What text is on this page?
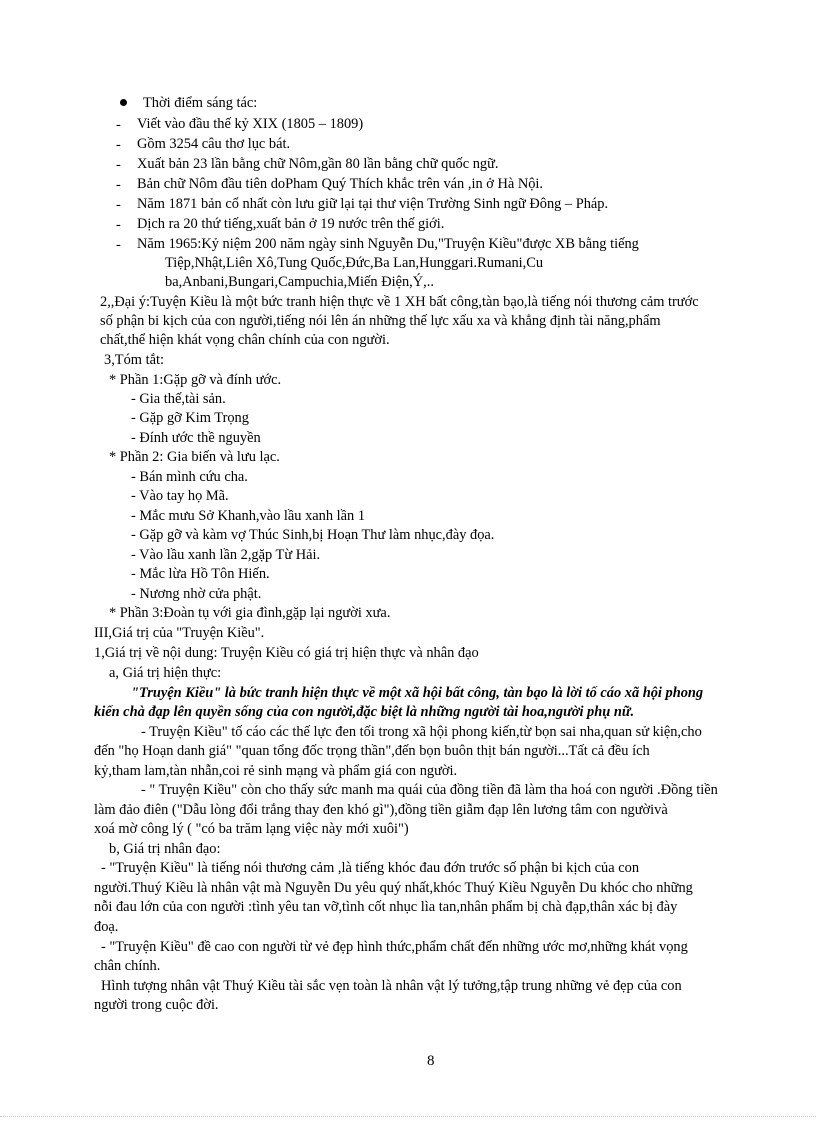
Thời điểm sáng tác:
- Viết vào đầu thế kỷ XIX (1805 – 1809)
- Gồm 3254 câu thơ lục bát.
- Xuất bản 23 lần bằng chữ Nôm,gần 80 lần bằng chữ quốc ngữ.
- Bản chữ Nôm đầu tiên doPham Quý Thích khắc trên ván ,in ở Hà Nội.
- Năm 1871 bản cổ nhất còn lưu giữ lại tại thư viện Trường Sinh ngữ Đông – Pháp.
- Dịch ra 20 thứ tiếng,xuất bản ở 19 nước trên thế giới.
- Năm 1965:Kỷ niệm 200 năm ngày sinh Nguyễn Du,"Truyện Kiều"được XB bằng tiếng
Tiệp,Nhật,Liên Xô,Tung Quốc,Đức,Ba Lan,Hunggari.Rumani,Cu
ba,Anbani,Bungari,Campuchia,Miến Điện,Ý,..
2,,Đại ý:Tuyện Kiều là một bức tranh hiện thực về 1 XH bất công,tàn bạo,là tiếng nói thương cảm trước
số phận bi kịch của con người,tiếng nói lên án những thế lực xấu xa và khẳng định tài năng,phẩm
chất,thể hiện khát vọng chân chính của con người.
3,Tóm tắt:
* Phần 1:Gặp gỡ và đính ước.
- Gia thế,tài sản.
- Gặp gỡ Kim Trọng
- Đính ước thề nguyền
* Phần 2: Gia biến và lưu lạc.
- Bán mình cứu cha.
- Vào tay họ Mã.
- Mắc mưu Sở Khanh,vào lầu xanh lần 1
- Gặp gỡ và kàm vợ Thúc Sinh,bị Hoạn Thư làm nhục,đày đọa.
- Vào lầu xanh lần 2,gặp Từ Hải.
- Mắc lừa Hồ Tôn Hiến.
- Nương nhờ cửa phật.
* Phần 3:Đoàn tụ với gia đình,gặp lại người xưa.
III,Giá trị của "Truyện Kiều".
1,Giá trị về nội dung: Truyện Kiều có giá trị hiện thực và nhân đạo
a, Giá trị hiện thực:
"Truyện Kiều" là bức tranh hiện thực về một xã hội bất công, tàn bạo là lời tố cáo xã hội phong
kiến chà đạp lên quyền sống của con người,đặc biệt là những người tài hoa,người phụ nữ.
- Truyện Kiều" tố cáo các thế lực đen tối trong xã hội phong kiến,từ bọn sai nha,quan sử kiện,cho
đến "họ Hoạn danh giá" "quan tổng đốc trọng thần",đến bọn buôn thịt bán người...Tất cả đều ích
kỷ,tham lam,tàn nhẫn,coi rẻ sinh mạng và phẩm giá con người.
- " Truyện Kiều" còn cho thấy sức manh ma quái của đồng tiền đã làm tha hoá con người .Đồng tiền
làm đảo điên ("Dẫu lòng đổi trắng thay đen khó gì"),đồng tiền giẫm đạp lên lương tâm con ngườivà
xoá mờ công lý ( "có ba trăm lạng việc này mới xuôi")
b, Giá trị nhân đạo:
- "Truyện Kiều" là tiếng nói thương cảm ,là tiếng khóc đau đớn trước số phận bi kịch của con
người.Thuý Kiều là nhân vật mà Nguyễn Du yêu quý nhất,khóc Thuý Kiều Nguyễn Du khóc cho những
nỗi đau lớn của con người :tình yêu tan vỡ,tình cốt nhục lìa tan,nhân phẩm bị chà đạp,thân xác bị đày
đoạ.
- "Truyện Kiều" đề cao con người từ vẻ đẹp hình thức,phẩm chất đến những ước mơ,những khát vọng
chân chính.
Hình tượng nhân vật Thuý Kiều tài sắc vẹn toàn là nhân vật lý tưởng,tập trung những vẻ đẹp của con
người trong cuộc đời.
8
